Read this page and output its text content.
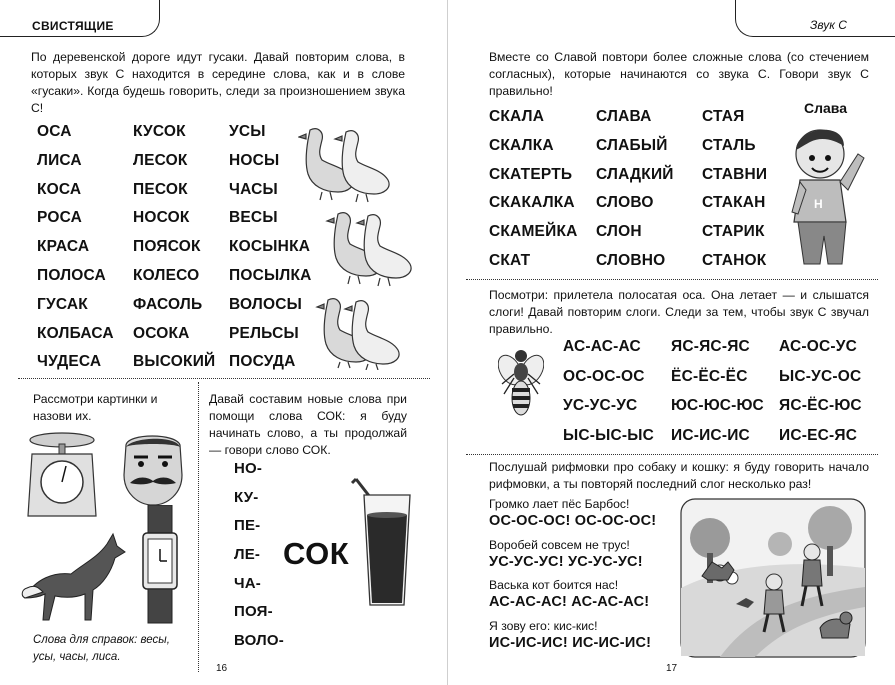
СВИСТЯЩИЕ
По деревенской дороге идут гусаки. Давай повторим слова, в которых звук С находится в середине слова, как и в слове «гусаки». Когда будешь говорить, следи за произношением звука С!
ОСА
ЛИСА
КОСА
РОСА
КРАСА
ПОЛОСА
ГУСАК
КОЛБАСА
ЧУДЕСА
КУСОК
ЛЕСОК
ПЕСОК
НОСОК
ПОЯСОК
КОЛЕСО
ФАСОЛЬ
ОСОКА
ВЫСОКИЙ
УСЫ
НОСЫ
ЧАСЫ
ВЕСЫ
КОСЫНКА
ПОСЫЛКА
ВОЛОСЫ
РЕЛЬСЫ
ПОСУДА
Рассмотри картинки и назови их.
Слова для справок: весы, усы, часы, лиса.
Давай составим новые слова при помощи слова СОК: я буду начинать слово, а ты продолжай — говори слово СОК.
НО-
КУ-
ПЕ-
ЛЕ-
ЧА-
ПОЯ-
ВОЛО-
СОК
16
Звук С
Вместе со Славой повтори более сложные слова (со стечением согласных), которые начинаются со звука С. Говори звук С правильно!
СКАЛА
СКАЛКА
СКАТЕРТЬ
СКАКАЛКА
СКАМЕЙКА
СКАТ
СЛАВА
СЛАБЫЙ
СЛАДКИЙ
СЛОВО
СЛОН
СЛОВНО
СТАЯ
СТАЛЬ
СТАВНИ
СТАКАН
СТАРИК
СТАНОК
Слава
H
Посмотри: прилетела полосатая оса. Она летает — и слышатся слоги! Давай повторим слоги. Следи за тем, чтобы звук С звучал правильно.
АС-АС-АС
ОС-ОС-ОС
УС-УС-УС
ЫС-ЫС-ЫС
ЯС-ЯС-ЯС
ЁС-ЁС-ЁС
ЮС-ЮС-ЮС
ИС-ИС-ИС
АС-ОС-УС
ЫС-УС-ОС
ЯС-ЁС-ЮС
ИС-ЕС-ЯС
Послушай рифмовки про собаку и кошку: я буду говорить начало рифмовки, а ты повторяй последний слог несколько раз!
Громко лает пёс Барбос!
ОС-ОС-ОС! ОС-ОС-ОС!
Воробей совсем не трус!
УС-УС-УС! УС-УС-УС!
Васька кот боится нас!
АС-АС-АС! АС-АС-АС!
Я зову его: кис-кис!
ИС-ИС-ИС! ИС-ИС-ИС!
17
